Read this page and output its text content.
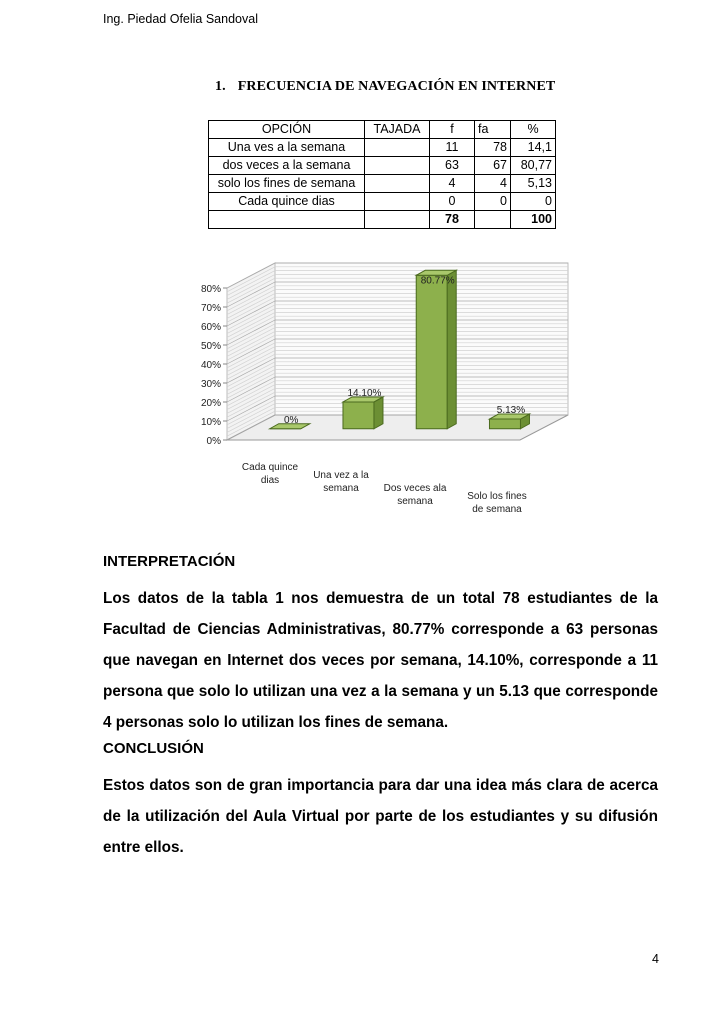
Ing. Piedad Ofelia Sandoval
1. FRECUENCIA DE NAVEGACIÓN EN INTERNET
OPCIÓN	TAJADA	f	fa	%
Una ves a la semana		11	78	14,1
dos veces a la semana		63	67	80,77
solo los fines de semana		4	4	5,13
Cada quince dias		0	0	0
		78		100
0%
10%
20%
30%
40%
50%
60%
70%
80%
0%
14.10%
80.77%
5.13%
Cada quince dias	Una vez a la semana	Dos veces ala semana	Solo los fines de semana
INTERPRETACIÓN
Los datos de la tabla 1 nos demuestra de un total 78 estudiantes de la Facultad de Ciencias Administrativas, 80.77% corresponde a 63 personas que navegan en Internet dos veces por semana, 14.10%, corresponde a 11 persona que solo lo utilizan una vez a la semana y un 5.13 que corresponde 4 personas solo lo utilizan los fines de semana.
CONCLUSIÓN
Estos datos son de gran importancia para dar una idea más clara de acerca de la utilización del Aula Virtual por parte de los estudiantes y su difusión entre ellos.
4
